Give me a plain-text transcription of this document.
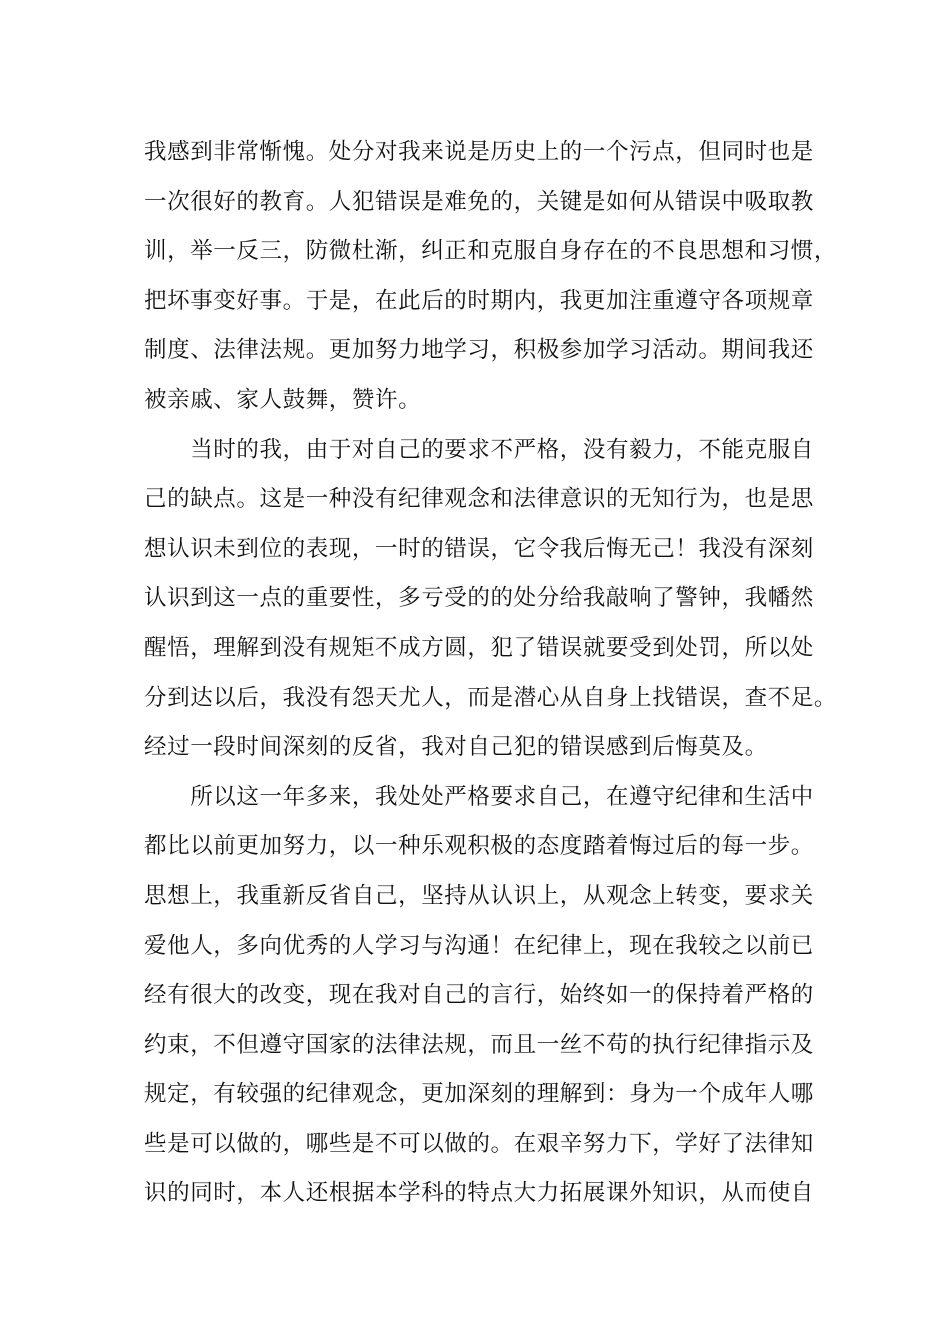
我感到非常惭愧。处分对我来说是历史上的一个污点，但同时也是
一次很好的教育。人犯错误是难免的，关键是如何从错误中吸取教
训，举一反三，防微杜渐，纠正和克服自身存在的不良思想和习惯，
把坏事变好事。于是，在此后的时期内，我更加注重遵守各项规章
制度、法律法规。更加努力地学习，积极参加学习活动。期间我还
被亲戚、家人鼓舞，赞许。
　　当时的我，由于对自己的要求不严格，没有毅力，不能克服自
己的缺点。这是一种没有纪律观念和法律意识的无知行为，也是思
想认识未到位的表现，一时的错误，它令我后悔无己！我没有深刻
认识到这一点的重要性，多亏受的的处分给我敲响了警钟，我幡然
醒悟，理解到没有规矩不成方圆，犯了错误就要受到处罚，所以处
分到达以后，我没有怨天尤人，而是潜心从自身上找错误，查不足。
经过一段时间深刻的反省，我对自己犯的错误感到后悔莫及。
　　所以这一年多来，我处处严格要求自己，在遵守纪律和生活中
都比以前更加努力，以一种乐观积极的态度踏着悔过后的每一步。
思想上，我重新反省自己，坚持从认识上，从观念上转变，要求关
爱他人，多向优秀的人学习与沟通！在纪律上，现在我较之以前已
经有很大的改变，现在我对自己的言行，始终如一的保持着严格的
约束，不但遵守国家的法律法规，而且一丝不苟的执行纪律指示及
规定，有较强的纪律观念，更加深刻的理解到：身为一个成年人哪
些是可以做的，哪些是不可以做的。在艰辛努力下，学好了法律知
识的同时，本人还根据本学科的特点大力拓展课外知识，从而使自
